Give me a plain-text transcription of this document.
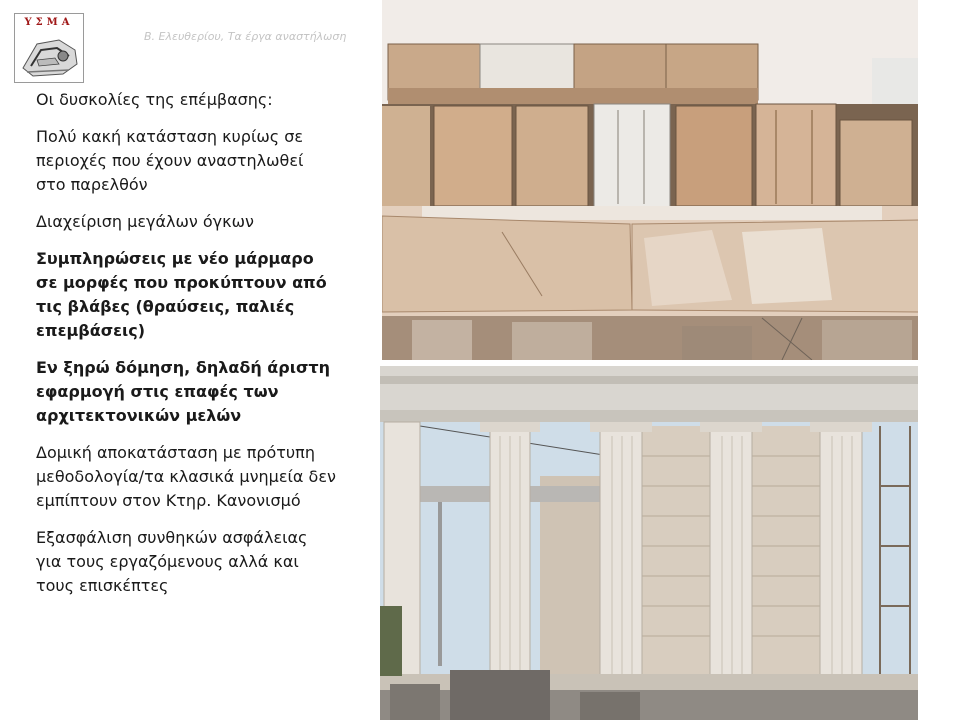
ΥΣΜΑ
Β. Ελευθερίου, Τα έργα αναστήλωση

Οι δυσκολίες της επέμβασης:

Πολύ κακή κατάσταση κυρίως σε περιοχές που έχουν αναστηλωθεί στο παρελθόν

Διαχείριση μεγάλων όγκων

Συμπληρώσεις με νέο μάρμαρο σε μορφές που προκύπτουν από τις βλάβες (θραύσεις, παλιές επεμβάσεις)

Εν ξηρώ δόμηση, δηλαδή άριστη εφαρμογή στις επαφές των αρχιτεκτονικών μελών

Δομική αποκατάσταση με πρότυπη μεθοδολογία/τα κλασικά μνημεία δεν εμπίπτουν στον Κτηρ. Κανονισμό

Εξασφάλιση συνθηκών ασφάλειας για τους εργαζόμενους αλλά και τους επισκέπτες
